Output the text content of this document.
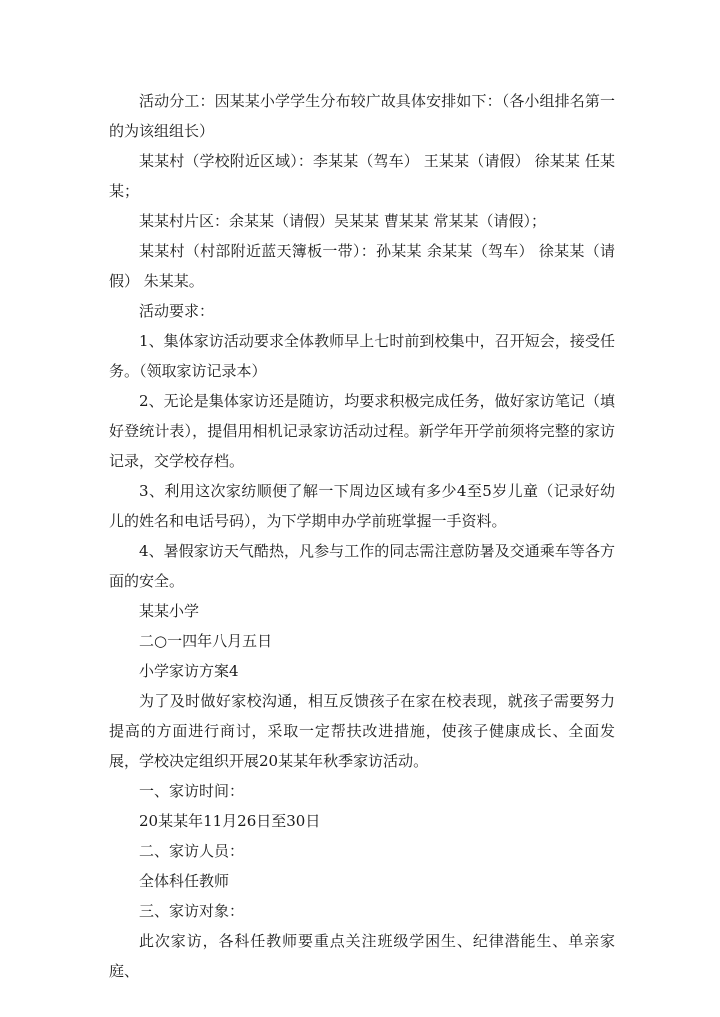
活动分工：因某某小学学生分布较广故具体安排如下：（各小组排名第一的为该组组长）

某某村（学校附近区域）：李某某（驾车） 王某某（请假） 徐某某 任某某；

某某村片区：余某某（请假）吴某某 曹某某 常某某（请假）；

某某村（村部附近蓝天簿板一带）：孙某某 余某某（驾车） 徐某某（请假） 朱某某。

活动要求：

1、集体家访活动要求全体教师早上七时前到校集中，召开短会，接受任务。（领取家访记录本）

2、无论是集体家访还是随访，均要求积极完成任务，做好家访笔记（填好登统计表），提倡用相机记录家访活动过程。新学年开学前须将完整的家访记录，交学校存档。

3、利用这次家纺顺便了解一下周边区域有多少4至5岁儿童（记录好幼儿的姓名和电话号码），为下学期申办学前班掌握一手资料。

4、暑假家访天气酷热，凡参与工作的同志需注意防暑及交通乘车等各方面的安全。

某某小学

二○一四年八月五日

小学家访方案4

为了及时做好家校沟通，相互反馈孩子在家在校表现，就孩子需要努力提高的方面进行商讨，采取一定帮扶改进措施，使孩子健康成长、全面发展，学校决定组织开展20某某年秋季家访活动。

一、家访时间：

20某某年11月26日至30日

二、家访人员：

全体科任教师

三、家访对象：

此次家访，各科任教师要重点关注班级学困生、纪律潜能生、单亲家庭、
